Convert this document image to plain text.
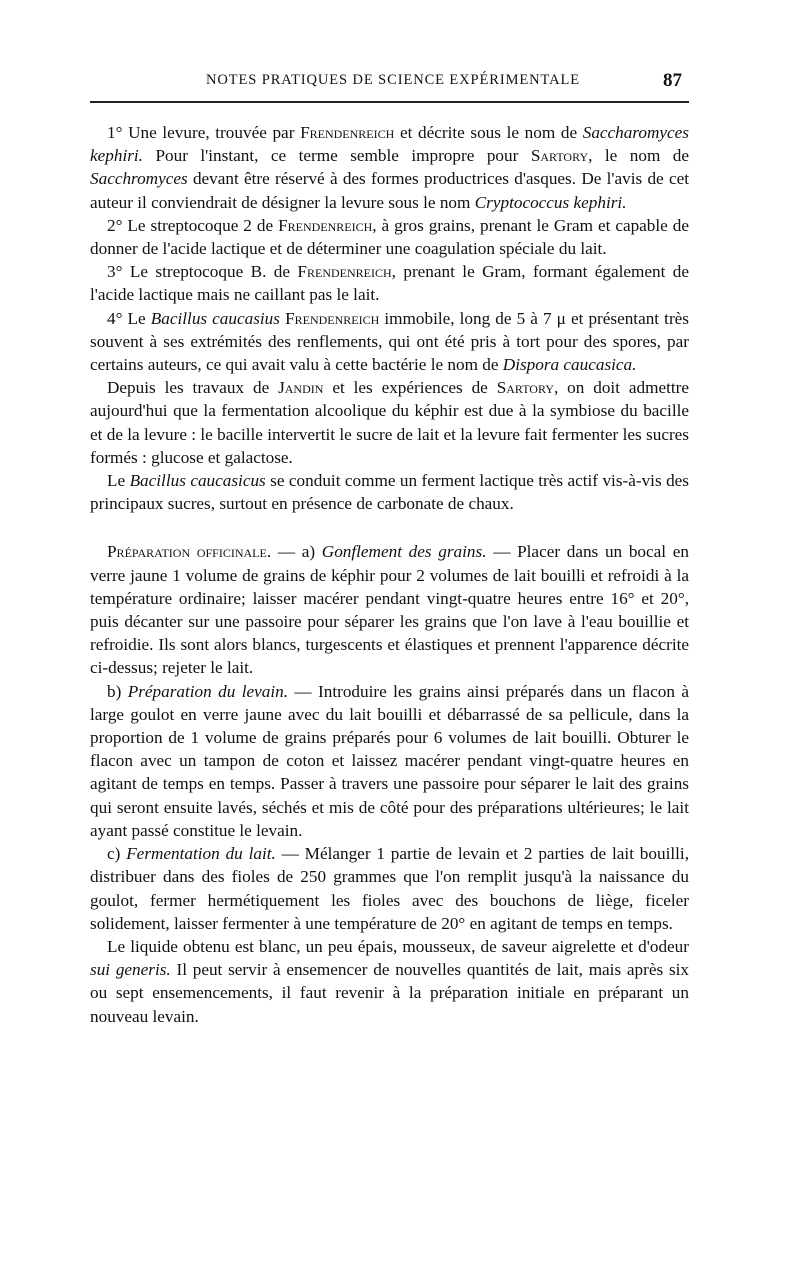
NOTES PRATIQUES DE SCIENCE EXPÉRIMENTALE	87

1° Une levure, trouvée par Frendenreich et décrite sous le nom de Saccharomyces kephiri. Pour l'instant, ce terme semble impropre pour Sartory, le nom de Sacchromyces devant être réservé à des formes productrices d'asques. De l'avis de cet auteur il conviendrait de désigner la levure sous le nom Cryptococcus kephiri.

2° Le streptocoque 2 de Frendenreich, à gros grains, prenant le Gram et capable de donner de l'acide lactique et de déterminer une coagulation spéciale du lait.

3° Le streptocoque B. de Frendenreich, prenant le Gram, formant également de l'acide lactique mais ne caillant pas le lait.

4° Le Bacillus caucasius Frendenreich immobile, long de 5 à 7 μ et présentant très souvent à ses extrémités des renflements, qui ont été pris à tort pour des spores, par certains auteurs, ce qui avait valu à cette bactérie le nom de Dispora caucasica.

Depuis les travaux de Jandin et les expériences de Sartory, on doit admettre aujourd'hui que la fermentation alcoolique du képhir est due à la symbiose du bacille et de la levure : le bacille intervertit le sucre de lait et la levure fait fermenter les sucres formés : glucose et galactose.

Le Bacillus caucasicus se conduit comme un ferment lactique très actif vis-à-vis des principaux sucres, surtout en présence de carbonate de chaux.

Préparation officinale. — a) Gonflement des grains. — Placer dans un bocal en verre jaune 1 volume de grains de képhir pour 2 volumes de lait bouilli et refroidi à la température ordinaire; laisser macérer pendant vingt-quatre heures entre 16° et 20°, puis décanter sur une passoire pour séparer les grains que l'on lave à l'eau bouillie et refroidie. Ils sont alors blancs, turgescents et élastiques et prennent l'apparence décrite ci-dessus; rejeter le lait.

b) Préparation du levain. — Introduire les grains ainsi préparés dans un flacon à large goulot en verre jaune avec du lait bouilli et débarrassé de sa pellicule, dans la proportion de 1 volume de grains préparés pour 6 volumes de lait bouilli. Obturer le flacon avec un tampon de coton et laissez macérer pendant vingt-quatre heures en agitant de temps en temps. Passer à travers une passoire pour séparer le lait des grains qui seront ensuite lavés, séchés et mis de côté pour des préparations ultérieures; le lait ayant passé constitue le levain.

c) Fermentation du lait. — Mélanger 1 partie de levain et 2 parties de lait bouilli, distribuer dans des fioles de 250 grammes que l'on remplit jusqu'à la naissance du goulot, fermer hermétiquement les fioles avec des bouchons de liège, ficeler solidement, laisser fermenter à une température de 20° en agitant de temps en temps.

Le liquide obtenu est blanc, un peu épais, mousseux, de saveur aigrelette et d'odeur sui generis. Il peut servir à ensemencer de nouvelles quantités de lait, mais après six ou sept ensemencements, il faut revenir à la préparation initiale en préparant un nouveau levain.
